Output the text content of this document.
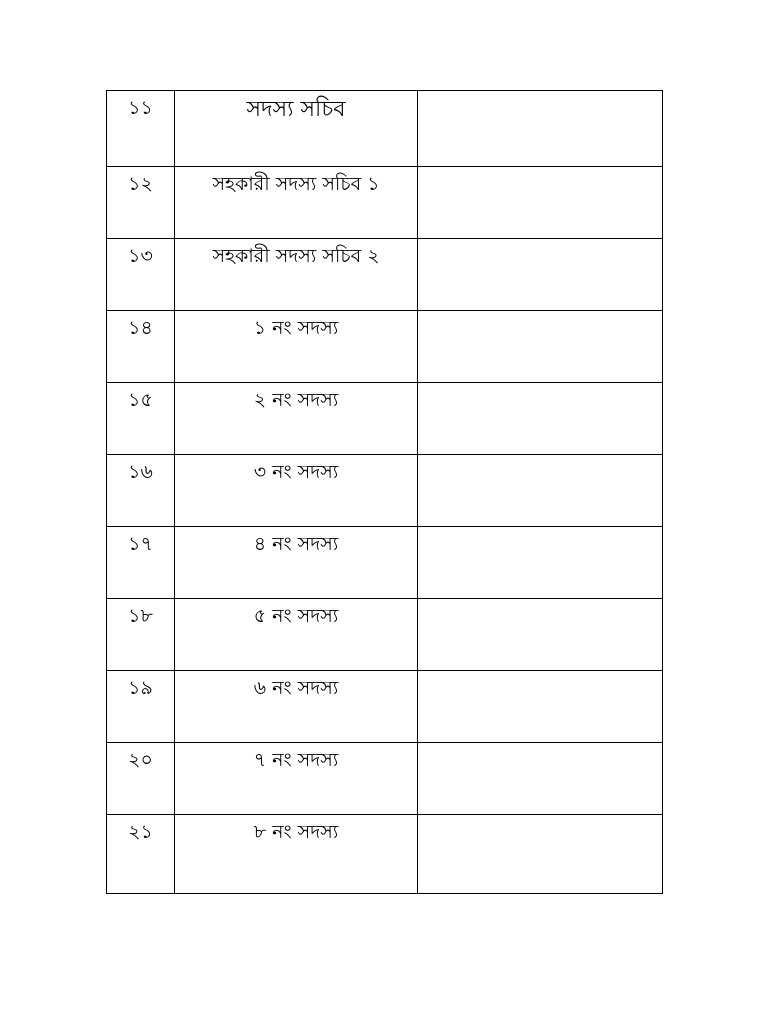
১১	সদস্য সচিব	

১২	সহকারী সদস্য সচিব ১	

১৩	সহকারী সদস্য সচিব ২	

১৪	১ নং সদস্য	

১৫	২ নং সদস্য	

১৬	৩ নং সদস্য	

১৭	৪ নং সদস্য	

১৮	৫ নং সদস্য	

১৯	৬ নং সদস্য	

২০	৭ নং সদস্য	

২১	৮ নং সদস্য	
